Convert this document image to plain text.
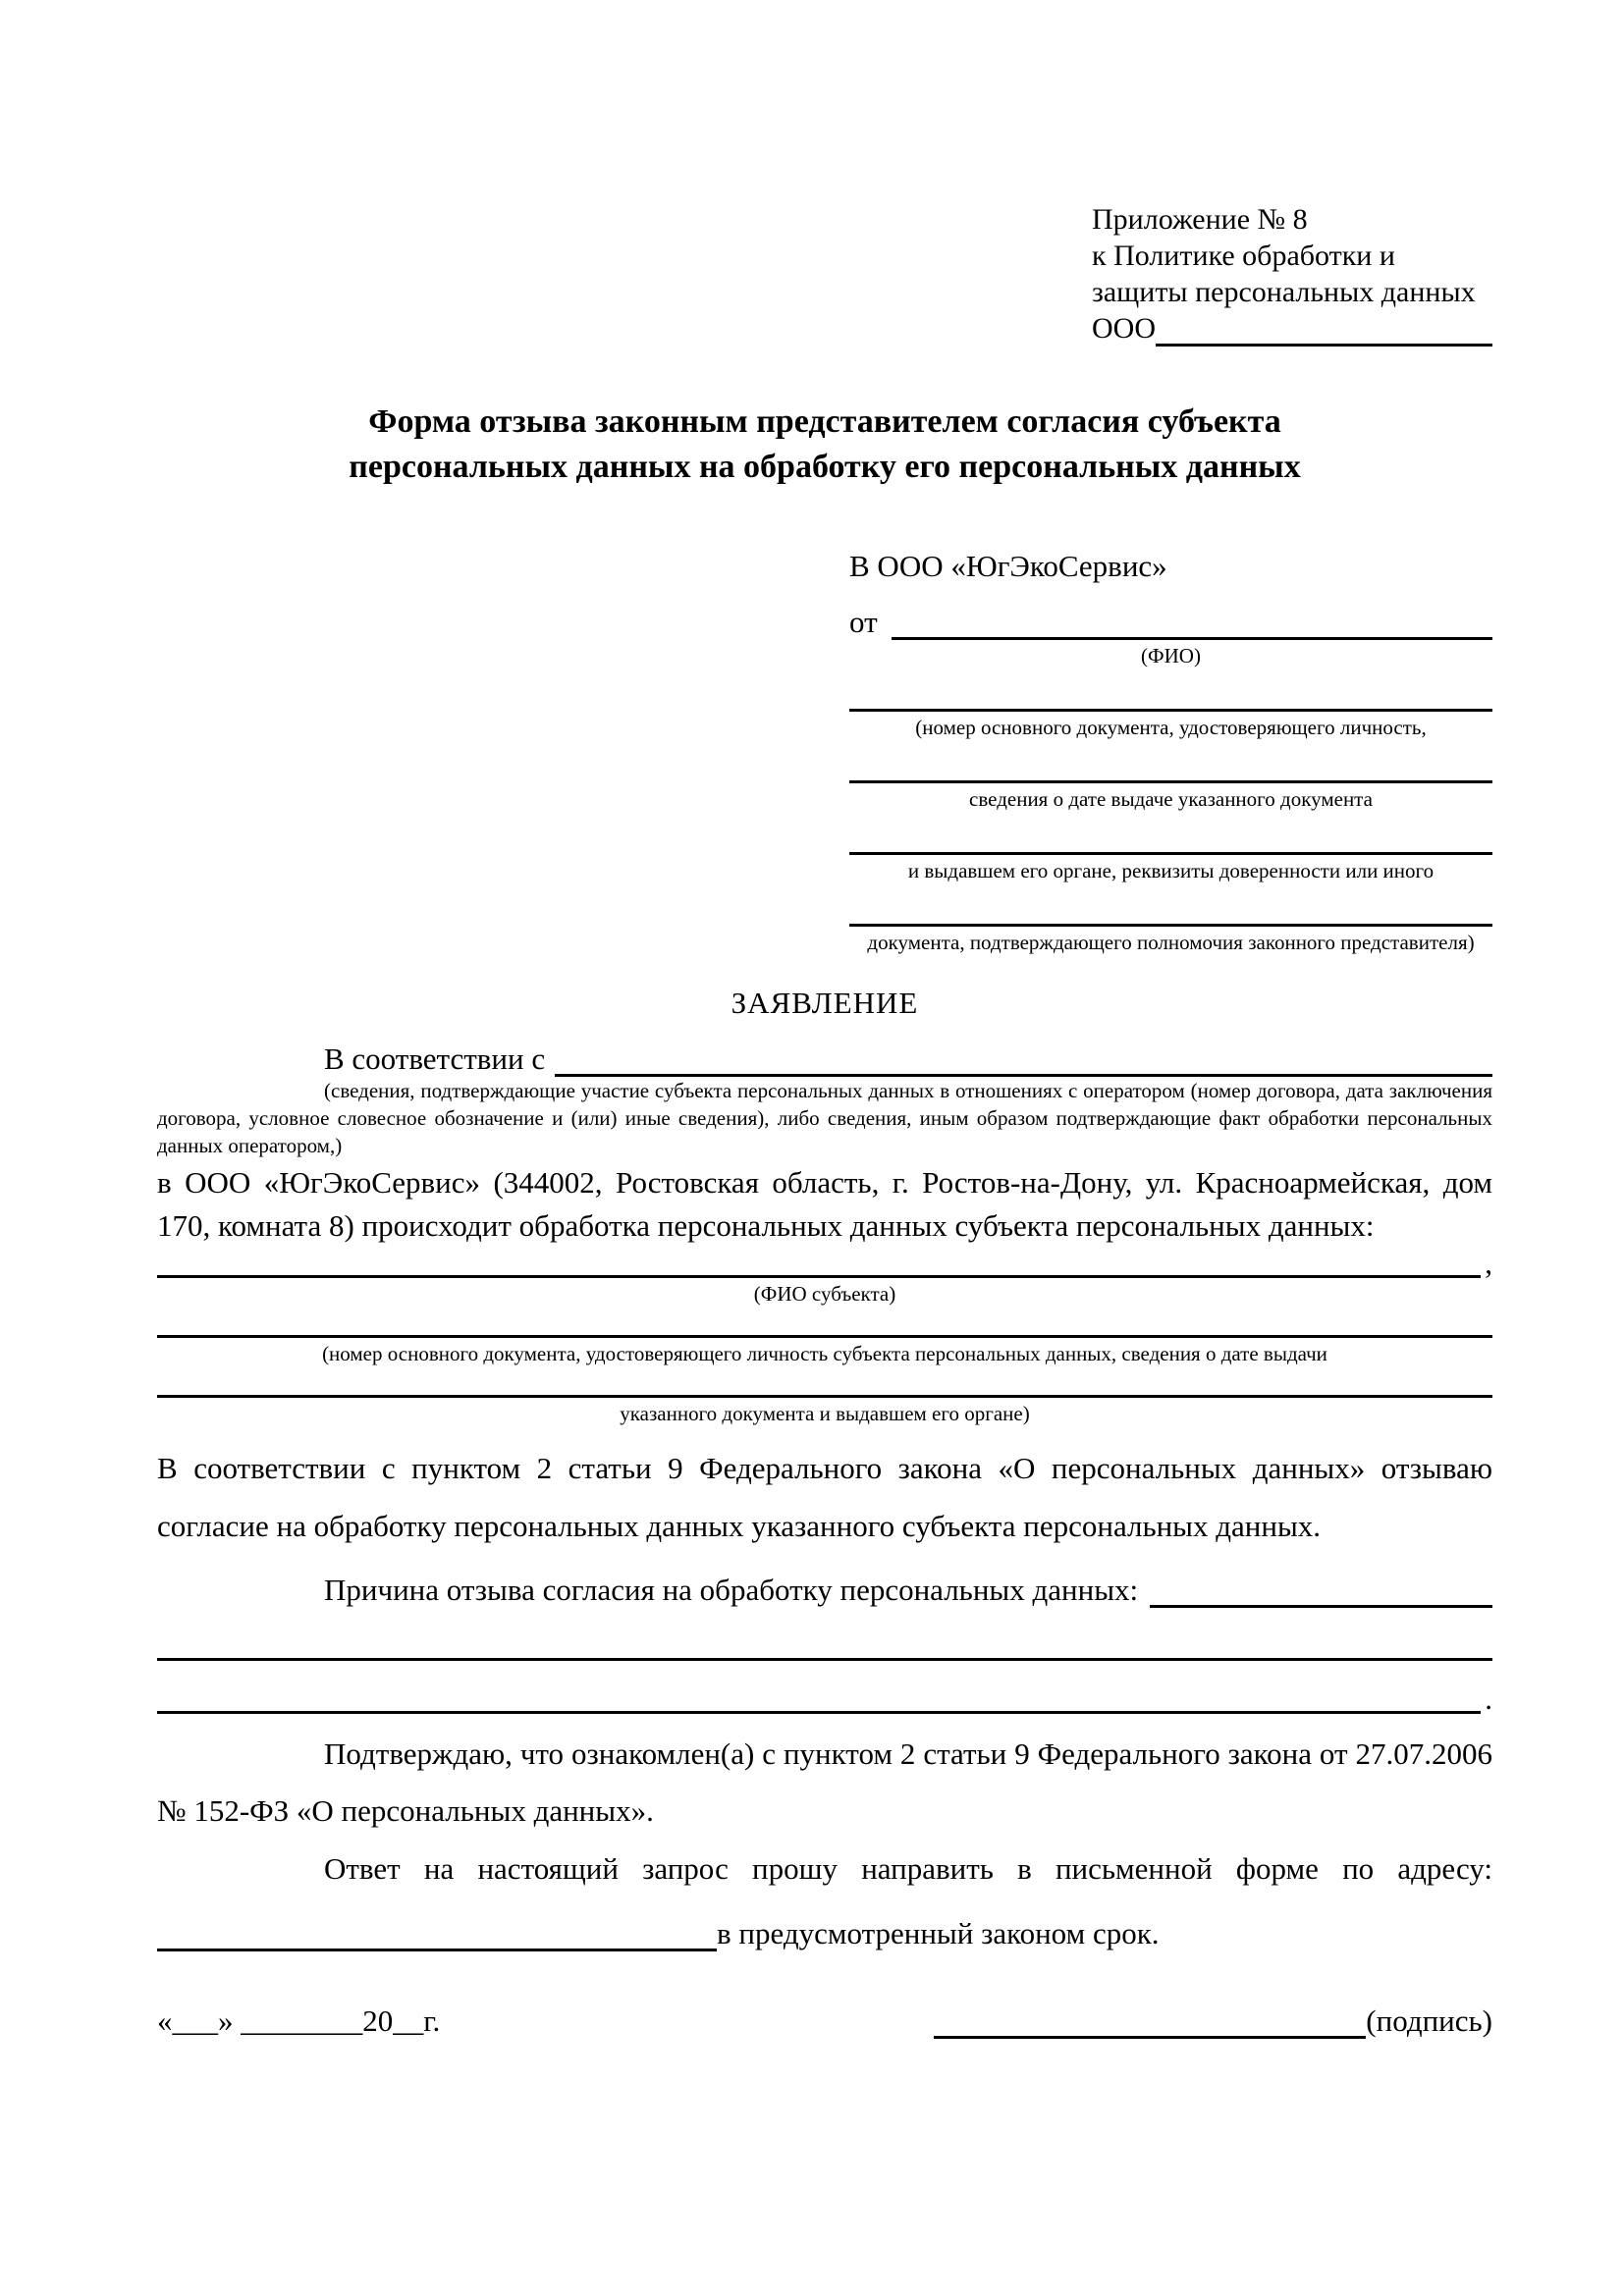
Приложение № 8
к Политике обработки и
защиты персональных данных
ООО
Форма отзыва законным представителем согласия субъекта персональных данных на обработку его персональных данных
В ООО «ЮгЭкоСервис»
от
(ФИО)
(номер основного документа, удостоверяющего личность,
сведения о дате выдаче указанного документа
и выдавшем его органе, реквизиты доверенности или иного
документа, подтверждающего полномочия законного представителя)
ЗАЯВЛЕНИЕ
В соответствии с
(сведения, подтверждающие участие субъекта персональных данных в отношениях с оператором (номер договора, дата заключения договора, условное словесное обозначение и (или) иные сведения), либо сведения, иным образом подтверждающие факт обработки персональных данных оператором,)
в ООО «ЮгЭкоСервис» (344002, Ростовская область, г. Ростов-на-Дону, ул. Красноармейская, дом 170, комната 8) происходит обработка персональных данных субъекта персональных данных:
,
(ФИО субъекта)
(номер основного документа, удостоверяющего личность субъекта персональных данных, сведения о дате выдачи
указанного документа и выдавшем его органе)
В соответствии с пунктом 2 статьи 9 Федерального закона «О персональных данных» отзываю согласие на обработку персональных данных указанного субъекта персональных данных.
Причина отзыва согласия на обработку персональных данных:
.
Подтверждаю, что ознакомлен(а) с пунктом 2 статьи 9 Федерального закона от 27.07.2006 № 152-ФЗ «О персональных данных».
Ответ на настоящий запрос прошу направить в письменной форме по адресу:
в предусмотренный законом срок.
«___» ________20__г.	(подпись)
